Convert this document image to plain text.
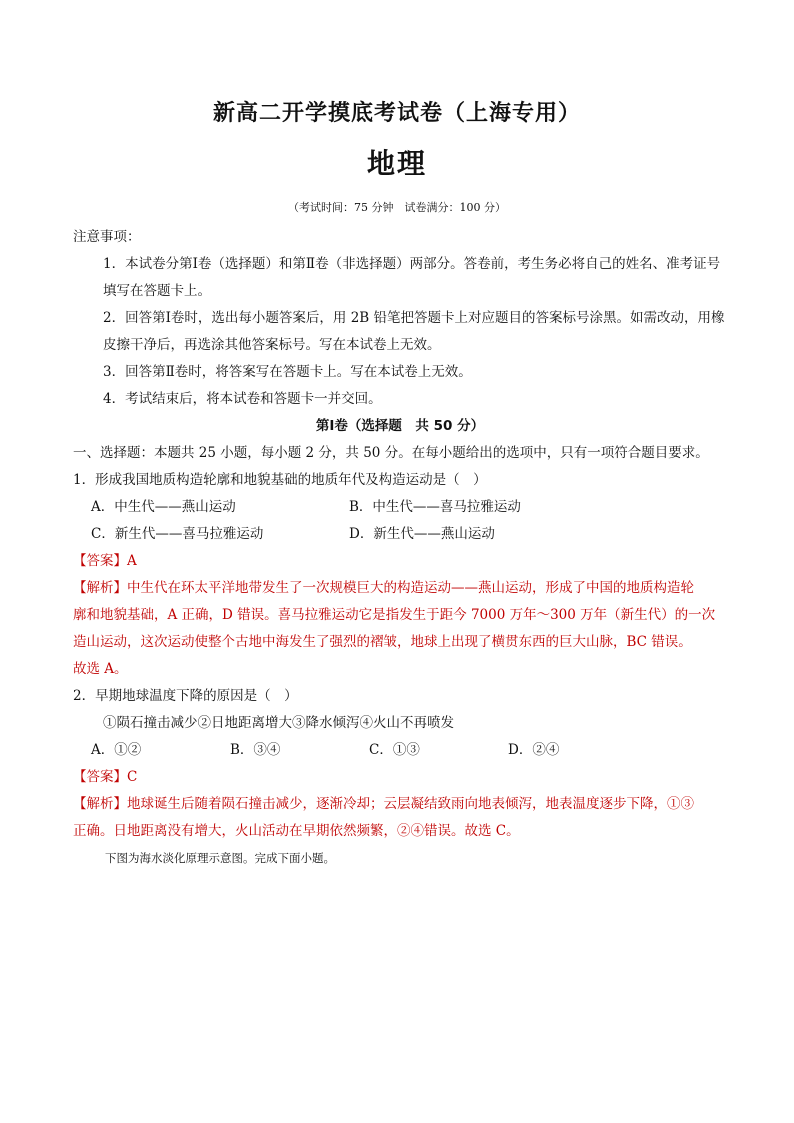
新高二开学摸底考试卷（上海专用）
地理
（考试时间：75 分钟　试卷满分：100 分）
注意事项：
1．本试卷分第Ⅰ卷（选择题）和第Ⅱ卷（非选择题）两部分。答卷前，考生务必将自己的姓名、准考证号填写在答题卡上。
2．回答第Ⅰ卷时，选出每小题答案后，用 2B 铅笔把答题卡上对应题目的答案标号涂黑。如需改动，用橡皮擦干净后，再选涂其他答案标号。写在本试卷上无效。
3．回答第Ⅱ卷时，将答案写在答题卡上。写在本试卷上无效。
4．考试结束后，将本试卷和答题卡一并交回。
第Ⅰ卷（选择题　共 50 分）
一、选择题：本题共 25 小题，每小题 2 分，共 50 分。在每小题给出的选项中，只有一项符合题目要求。
1．形成我国地质构造轮廓和地貌基础的地质年代及构造运动是（　）
A．中生代——燕山运动	B．中生代——喜马拉雅运动
C．新生代——喜马拉雅运动	D．新生代——燕山运动
【答案】A
【解析】中生代在环太平洋地带发生了一次规模巨大的构造运动——燕山运动，形成了中国的地质构造轮
廓和地貌基础，A 正确，D 错误。喜马拉雅运动它是指发生于距今 7000 万年～300 万年（新生代）的一次
造山运动，这次运动使整个古地中海发生了强烈的褶皱，地球上出现了横贯东西的巨大山脉，BC 错误。
故选 A。
2．早期地球温度下降的原因是（　）
①陨石撞击减少②日地距离增大③降水倾泻④火山不再喷发
A．①②	B．③④	C．①③	D．②④
【答案】C
【解析】地球诞生后随着陨石撞击减少，逐渐冷却；云层凝结致雨向地表倾泻，地表温度逐步下降，①③
正确。日地距离没有增大，火山活动在早期依然频繁，②④错误。故选 C。
下图为海水淡化原理示意图。完成下面小题。
